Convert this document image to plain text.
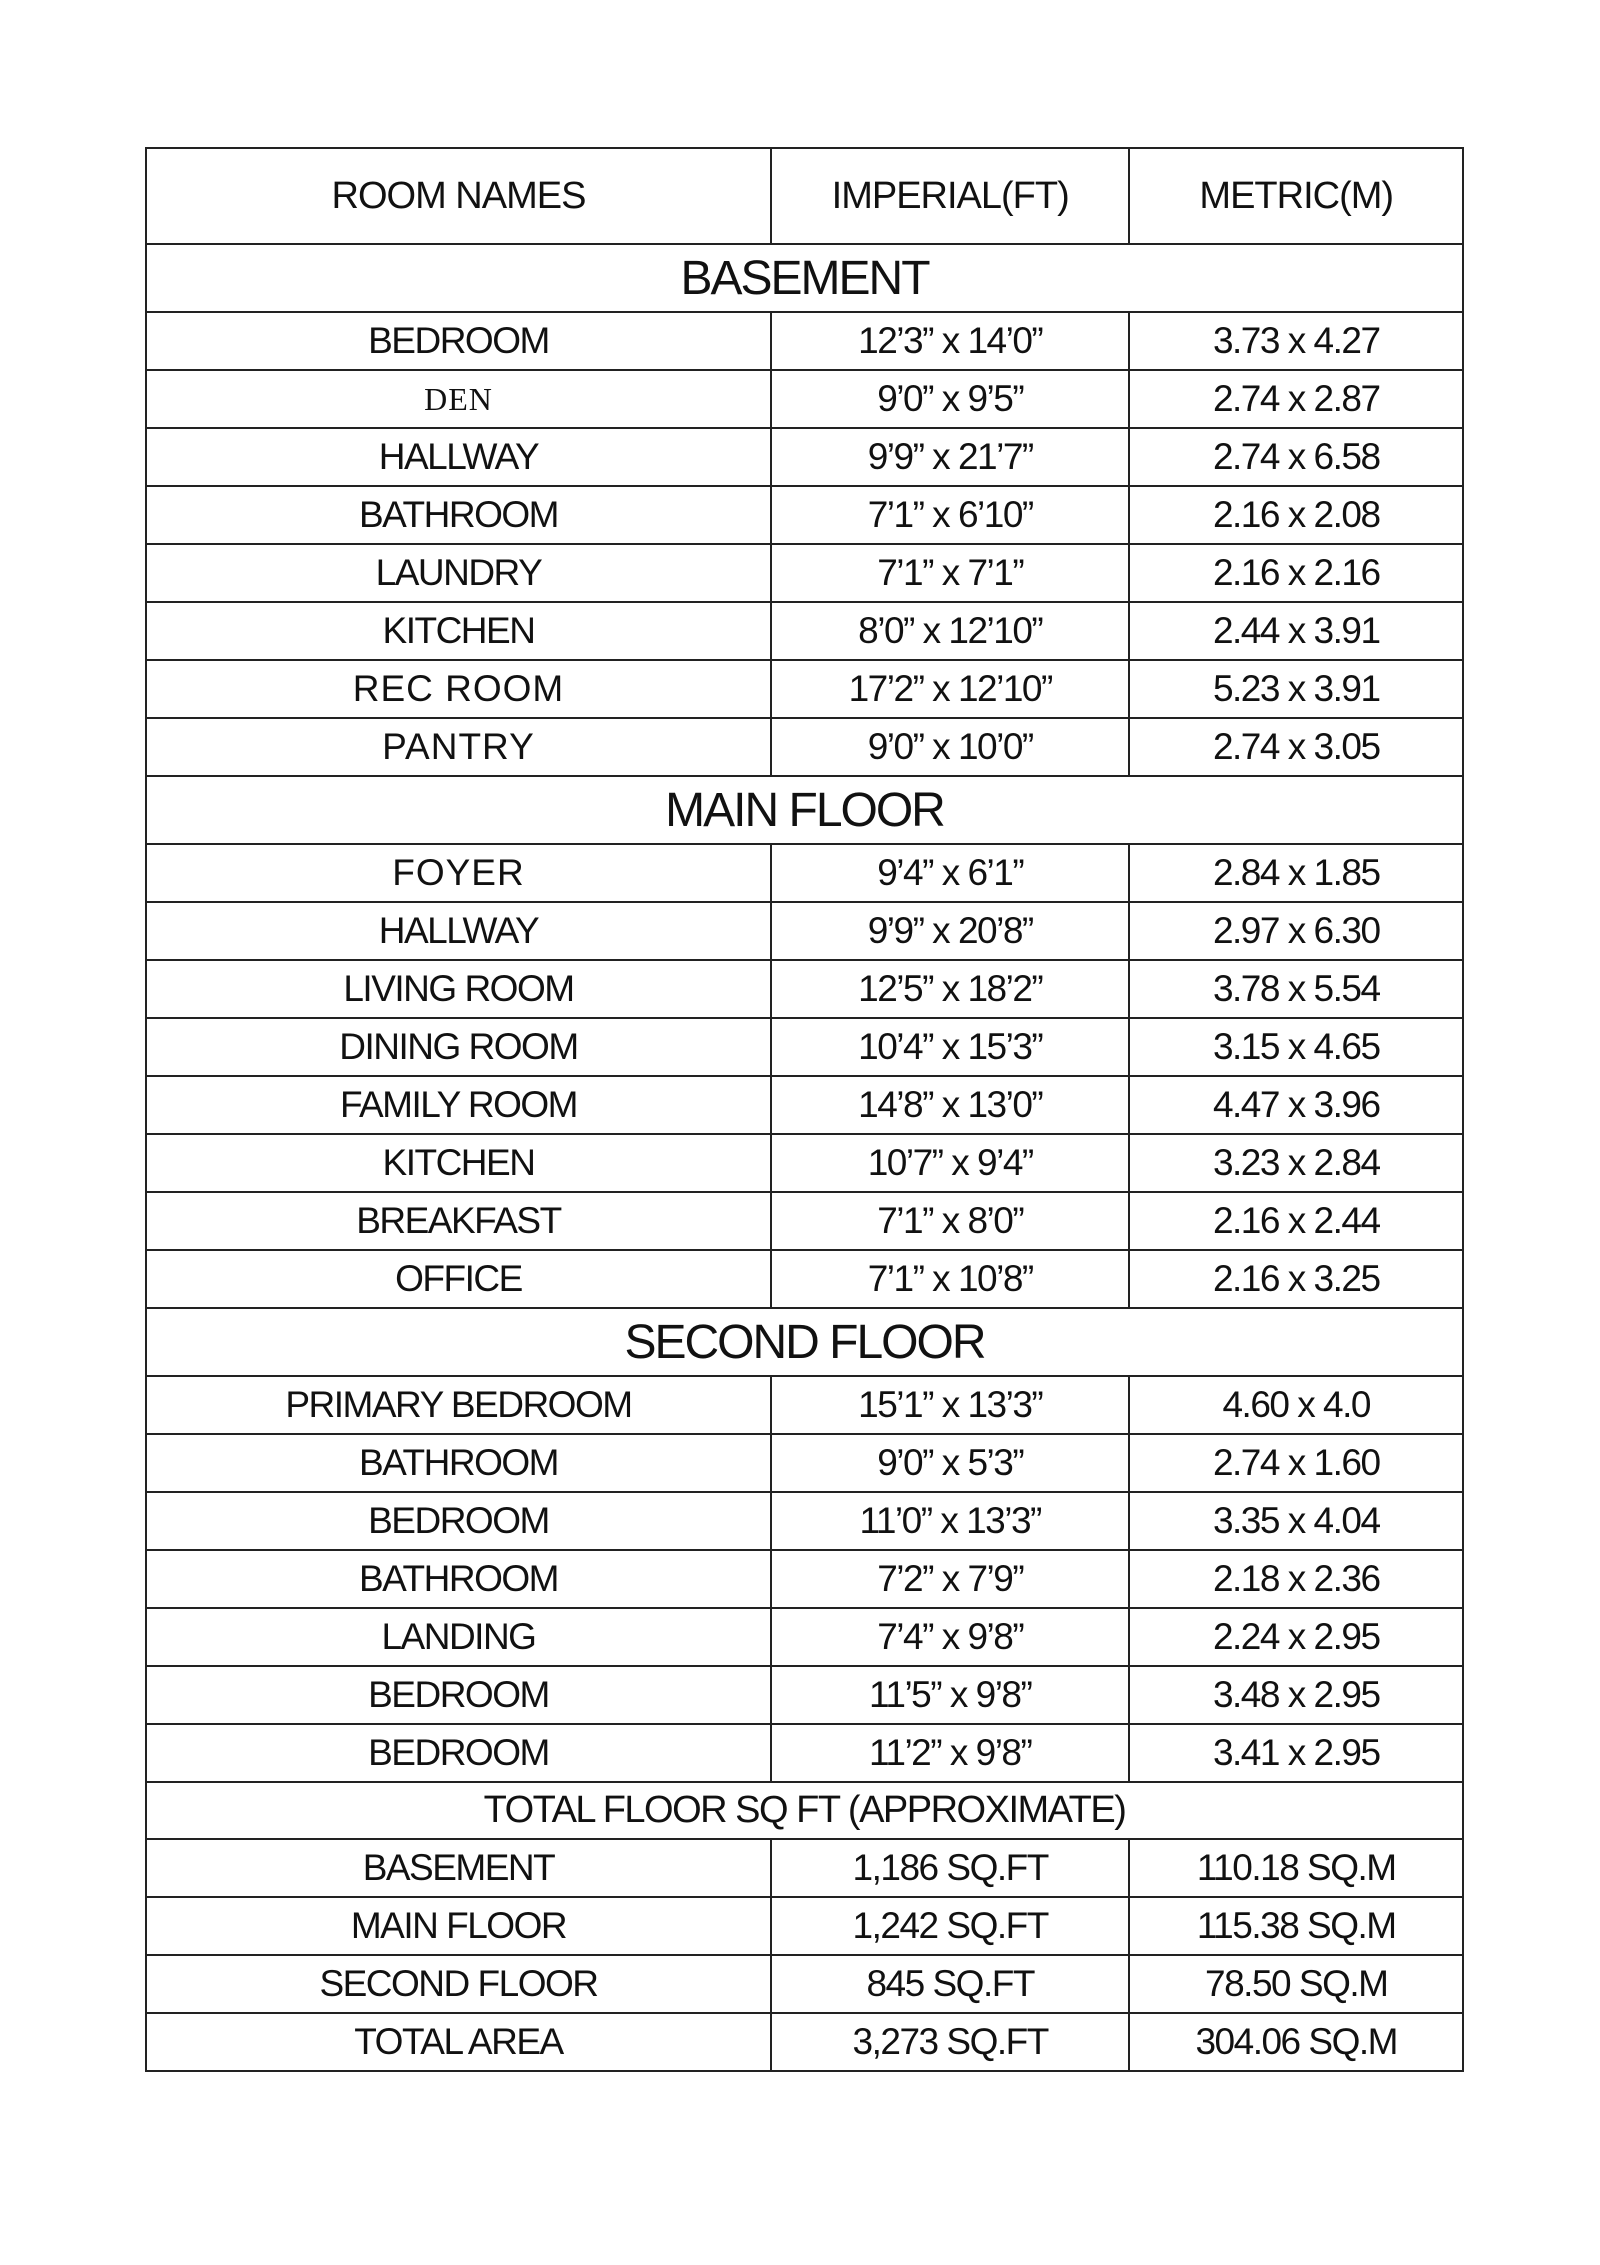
ROOM NAMES	IMPERIAL(FT)	METRIC(M)
BASEMENT		
BEDROOM	12’3” x 14’0”	3.73 x 4.27
DEN	9’0” x 9’5”	2.74 x 2.87
HALLWAY	9’9” x 21’7”	2.74 x 6.58
BATHROOM	7’1” x 6’10”	2.16 x 2.08
LAUNDRY	7’1” x 7’1”	2.16 x 2.16
KITCHEN	8’0” x 12’10”	2.44 x 3.91
REC ROOM	17’2” x 12’10”	5.23 x 3.91
PANTRY	9’0” x 10’0”	2.74 x 3.05
MAIN FLOOR		
FOYER	9’4” x 6’1”	2.84 x 1.85
HALLWAY	9’9” x 20’8”	2.97 x 6.30
LIVING ROOM	12’5” x 18’2”	3.78 x 5.54
DINING ROOM	10’4” x 15’3”	3.15 x 4.65
FAMILY ROOM	14’8” x 13’0”	4.47 x 3.96
KITCHEN	10’7” x 9’4”	3.23 x 2.84
BREAKFAST	7’1” x 8’0”	2.16 x 2.44
OFFICE	7’1” x 10’8”	2.16 x 3.25
SECOND FLOOR		
PRIMARY BEDROOM	15’1” x 13’3”	4.60 x 4.0
BATHROOM	9’0” x 5’3”	2.74 x 1.60
BEDROOM	11’0” x 13’3”	3.35 x 4.04
BATHROOM	7’2” x 7’9”	2.18 x 2.36
LANDING	7’4” x 9’8”	2.24 x 2.95
BEDROOM	11’5” x 9’8”	3.48 x 2.95
BEDROOM	11’2” x 9’8”	3.41 x 2.95
TOTAL FLOOR SQ FT (APPROXIMATE)		
BASEMENT	1,186 SQ.FT	110.18 SQ.M
MAIN FLOOR	1,242 SQ.FT	115.38 SQ.M
SECOND FLOOR	845 SQ.FT	78.50 SQ.M
TOTAL AREA	3,273 SQ.FT	304.06 SQ.M
